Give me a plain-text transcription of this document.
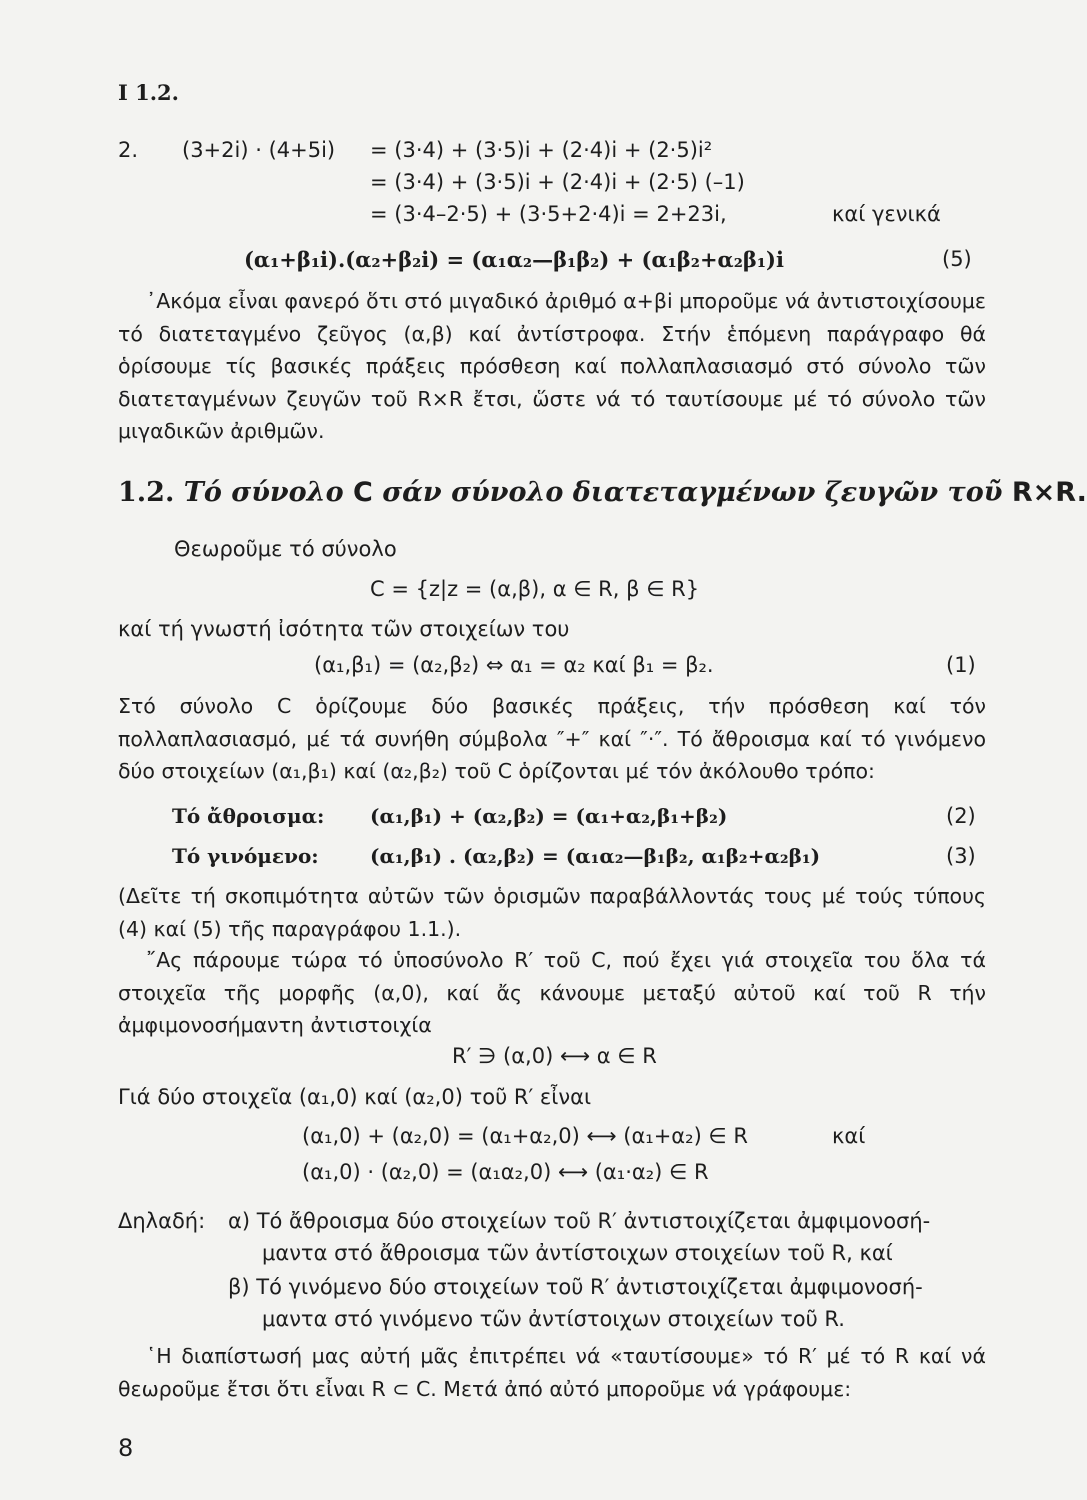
I 1.2.
2. (3+2i) · (4+5i) = (3·4) + (3·5)i + (2·4)i + (2·5)i²
= (3·4) + (3·5)i + (2·4)i + (2·5) (–1)
= (3·4–2·5) + (3·5+2·4)i = 2+23i,	καί γενικά
(α₁+β₁i).(α₂+β₂i) = (α₁α₂—β₁β₂) + (α₁β₂+α₂β₁)i	(5)
᾿Ακόμα εἶναι φανερό ὅτι στό μιγαδικό ἀριθμό α+βi μποροῦμε νά ἀντιστοιχίσουμε τό διατεταγμένο ζεῦγος (α,β) καί ἀντίστροφα. Στήν ἑπόμενη παράγραφο θά ὁρίσουμε τίς βασικές πράξεις πρόσθεση καί πολλαπλασιασμό στό σύνολο τῶν διατεταγμένων ζευγῶν τοῦ R×R ἔτσι, ὥστε νά τό ταυτίσουμε μέ τό σύνολο τῶν μιγαδικῶν ἀριθμῶν.
1.2. Τό σύνολο C σάν σύνολο διατεταγμένων ζευγῶν τοῦ R×R.
Θεωροῦμε τό σύνολο
C = {z|z = (α,β), α ∈ R, β ∈ R}
καί τή γνωστή ἰσότητα τῶν στοιχείων του
(α₁,β₁) = (α₂,β₂) ⇔ α₁ = α₂ καί β₁ = β₂.	(1)
Στό σύνολο C ὁρίζουμε δύο βασικές πράξεις, τήν πρόσθεση καί τόν πολλαπλασιασμό, μέ τά συνήθη σύμβολα ″+″ καί ″·″. Τό ἄθροισμα καί τό γινόμενο δύο στοιχείων (α₁,β₁) καί (α₂,β₂) τοῦ C ὁρίζονται μέ τόν ἀκόλουθο τρόπο:
Τό ἄθροισμα: (α₁,β₁) + (α₂,β₂) = (α₁+α₂,β₁+β₂)	(2)
Τό γινόμενο:	(α₁,β₁) . (α₂,β₂) = (α₁α₂—β₁β₂, α₁β₂+α₂β₁)	(3)
(Δεῖτε τή σκοπιμότητα αὐτῶν τῶν ὁρισμῶν παραβάλλοντάς τους μέ τούς τύπους (4) καί (5) τῆς παραγράφου 1.1.).
῎Ας πάρουμε τώρα τό ὑποσύνολο R′ τοῦ C, πού ἔχει γιά στοιχεῖα του ὅλα τά στοιχεῖα τῆς μορφῆς (α,0), καί ἄς κάνουμε μεταξύ αὐτοῦ καί τοῦ R τήν ἀμφιμονοσήμαντη ἀντιστοιχία
R′ ∋ (α,0) ⟷ α ∈ R
Γιά δύο στοιχεῖα (α₁,0) καί (α₂,0) τοῦ R′ εἶναι
(α₁,0) + (α₂,0) = (α₁+α₂,0) ⟷ (α₁+α₂) ∈ R	καί
(α₁,0) · (α₂,0) = (α₁α₂,0) ⟷ (α₁·α₂) ∈ R
Δηλαδή: α) Τό ἄθροισμα δύο στοιχείων τοῦ R′ ἀντιστοιχίζεται ἀμφιμονοσή-
μαντα στό ἄθροισμα τῶν ἀντίστοιχων στοιχείων τοῦ R, καί
β) Τό γινόμενο δύο στοιχείων τοῦ R′ ἀντιστοιχίζεται ἀμφιμονοσή-
μαντα στό γινόμενο τῶν ἀντίστοιχων στοιχείων τοῦ R.
῾Η διαπίστωσή μας αὐτή μᾶς ἐπιτρέπει νά «ταυτίσουμε» τό R′ μέ τό R καί νά θεωροῦμε ἔτσι ὅτι εἶναι R ⊂ C. Μετά ἀπό αὐτό μποροῦμε νά γράφουμε:
8
